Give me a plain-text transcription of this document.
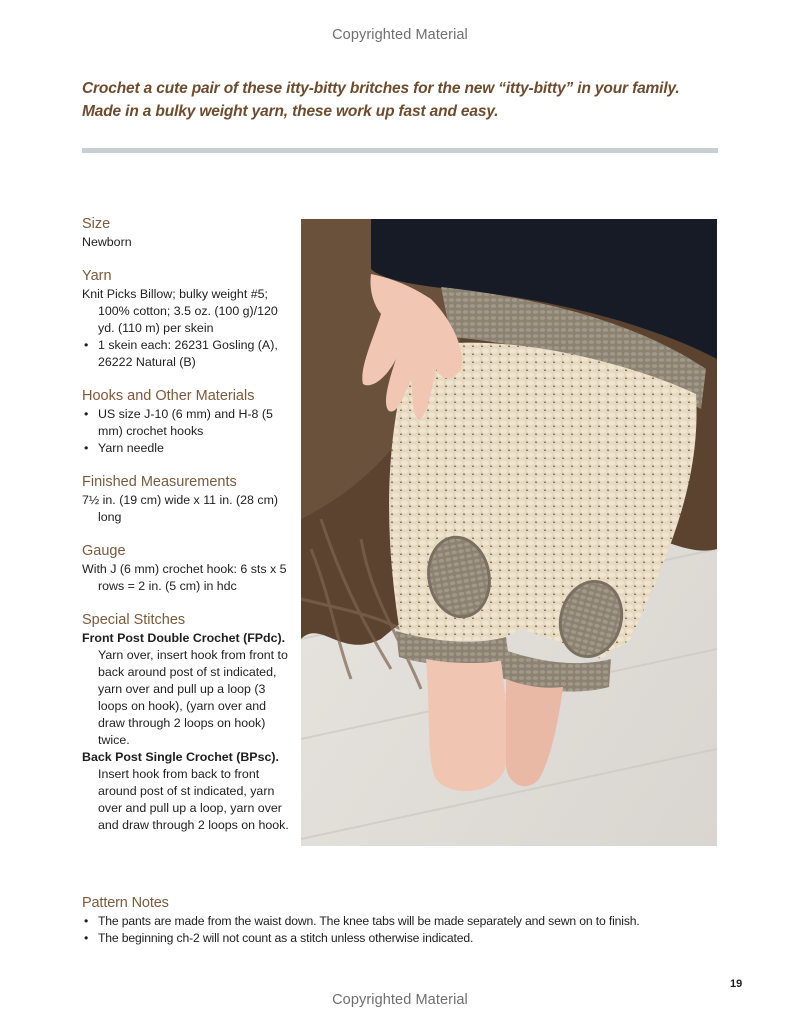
Copyrighted Material
Crochet a cute pair of these itty-bitty britches for the new “itty-bitty” in your family.
Made in a bulky weight yarn, these work up fast and easy.
Size
Newborn
Yarn
Knit Picks Billow; bulky weight #5; 100% cotton; 3.5 oz. (100 g)/120 yd. (110 m) per skein
• 1 skein each: 26231 Gosling (A), 26222 Natural (B)
Hooks and Other Materials
• US size J-10 (6 mm) and H-8 (5 mm) crochet hooks
• Yarn needle
Finished Measurements
7½ in. (19 cm) wide x 11 in. (28 cm) long
Gauge
With J (6 mm) crochet hook: 6 sts x 5 rows = 2 in. (5 cm) in hdc
Special Stitches
Front Post Double Crochet (FPdc). Yarn over, insert hook from front to back around post of st indicated, yarn over and pull up a loop (3 loops on hook), (yarn over and draw through 2 loops on hook) twice.
Back Post Single Crochet (BPsc). Insert hook from back to front around post of st indicated, yarn over and pull up a loop, yarn over and draw through 2 loops on hook.
Pattern Notes
• The pants are made from the waist down. The knee tabs will be made separately and sewn on to finish.
• The beginning ch-2 will not count as a stitch unless otherwise indicated.
19
Copyrighted Material
